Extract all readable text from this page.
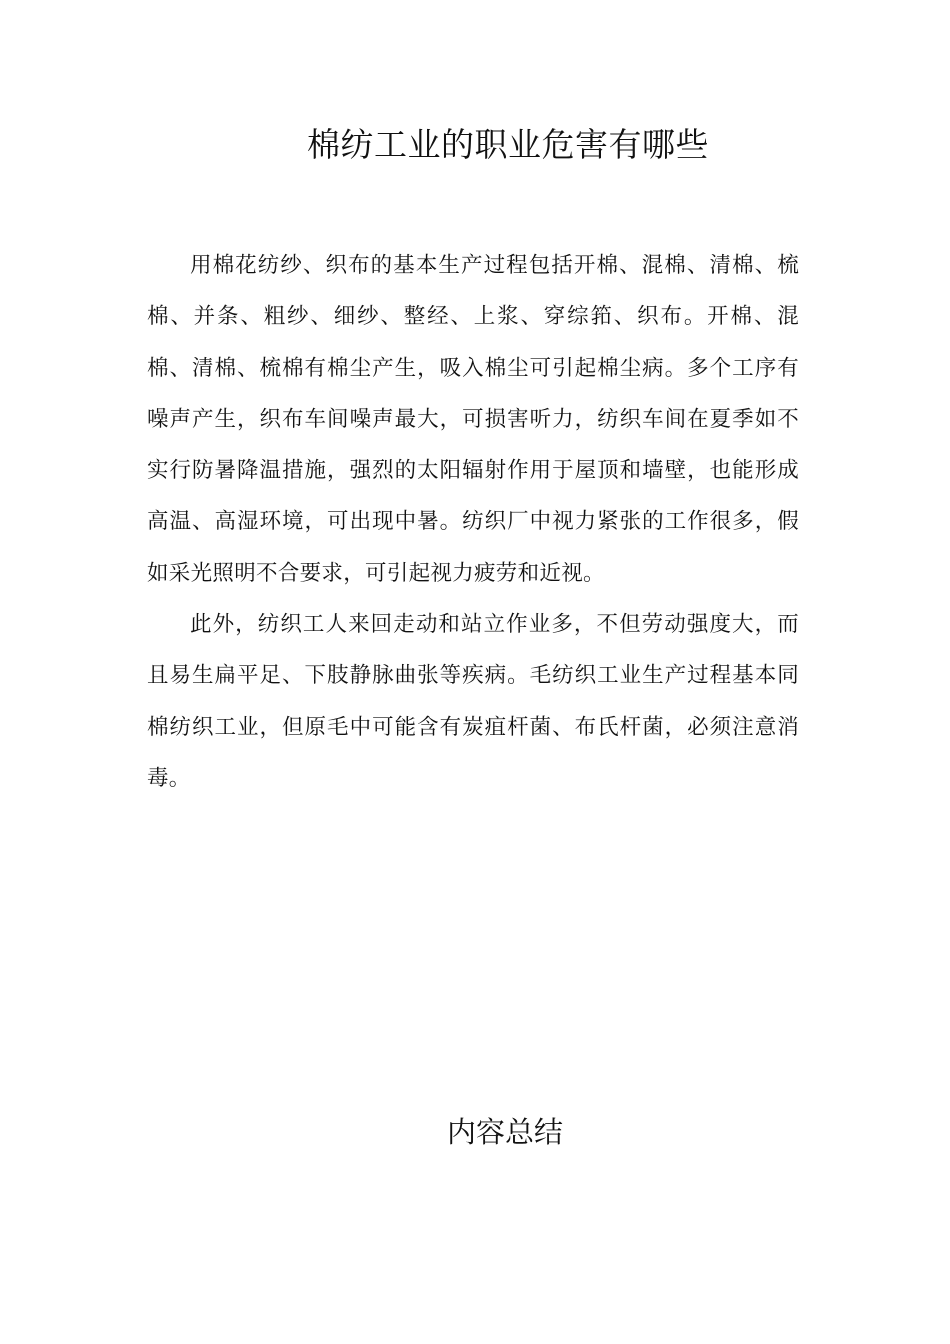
棉纺工业的职业危害有哪些

用棉花纺纱、织布的基本生产过程包括开棉、混棉、清棉、梳棉、并条、粗纱、细纱、整经、上浆、穿综筘、织布。开棉、混棉、清棉、梳棉有棉尘产生，吸入棉尘可引起棉尘病。多个工序有噪声产生，织布车间噪声最大，可损害听力，纺织车间在夏季如不实行防暑降温措施，强烈的太阳辐射作用于屋顶和墙壁，也能形成高温、高湿环境，可出现中暑。纺织厂中视力紧张的工作很多，假如采光照明不合要求，可引起视力疲劳和近视。

此外，纺织工人来回走动和站立作业多，不但劳动强度大，而且易生扁平足、下肢静脉曲张等疾病。毛纺织工业生产过程基本同棉纺织工业，但原毛中可能含有炭疽杆菌、布氏杆菌，必须注意消毒。

内容总结
